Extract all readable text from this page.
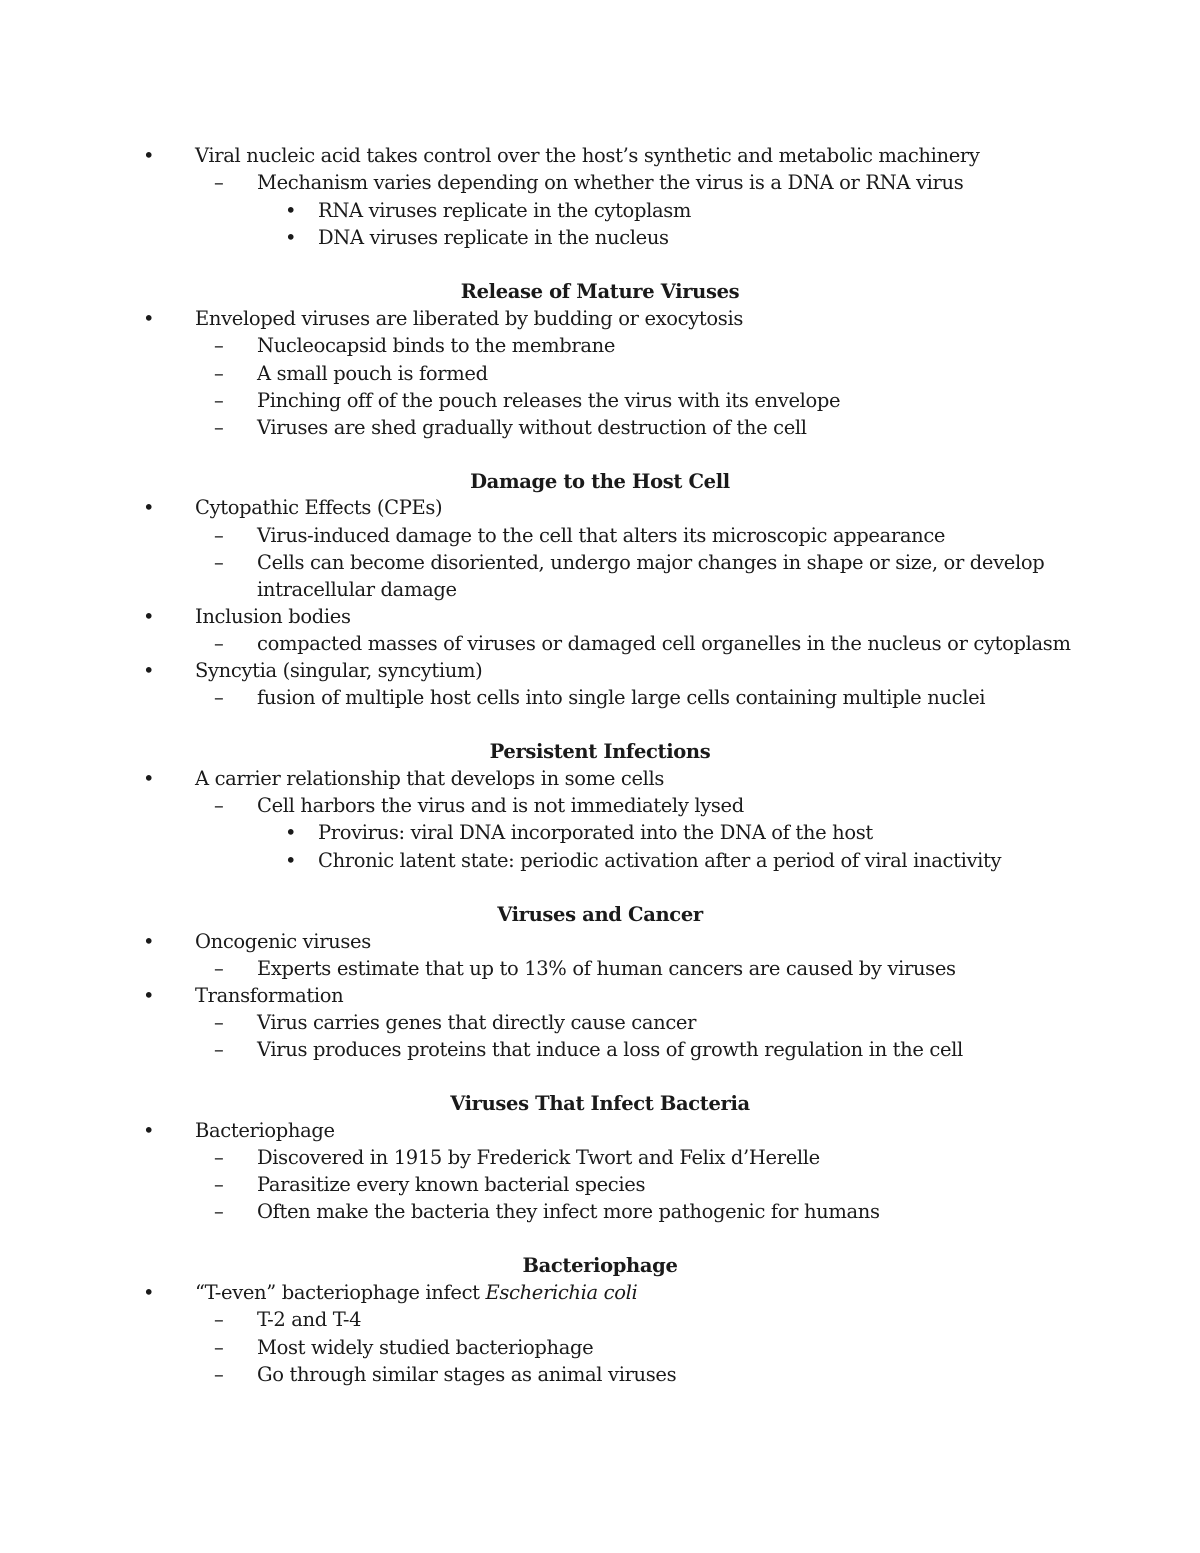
• Viral nucleic acid takes control over the host’s synthetic and metabolic machinery
– Mechanism varies depending on whether the virus is a DNA or RNA virus
• RNA viruses replicate in the cytoplasm
• DNA viruses replicate in the nucleus
Release of Mature Viruses
• Enveloped viruses are liberated by budding or exocytosis
– Nucleocapsid binds to the membrane
– A small pouch is formed
– Pinching off of the pouch releases the virus with its envelope
– Viruses are shed gradually without destruction of the cell
Damage to the Host Cell
• Cytopathic Effects (CPEs)
– Virus-induced damage to the cell that alters its microscopic appearance
– Cells can become disoriented, undergo major changes in shape or size, or develop
intracellular damage
• Inclusion bodies
– compacted masses of viruses or damaged cell organelles in the nucleus or cytoplasm
• Syncytia (singular, syncytium)
– fusion of multiple host cells into single large cells containing multiple nuclei
Persistent Infections
• A carrier relationship that develops in some cells
– Cell harbors the virus and is not immediately lysed
• Provirus: viral DNA incorporated into the DNA of the host
• Chronic latent state: periodic activation after a period of viral inactivity
Viruses and Cancer
• Oncogenic viruses
– Experts estimate that up to 13% of human cancers are caused by viruses
• Transformation
– Virus carries genes that directly cause cancer
– Virus produces proteins that induce a loss of growth regulation in the cell
Viruses That Infect Bacteria
• Bacteriophage
– Discovered in 1915 by Frederick Twort and Felix d’Herelle
– Parasitize every known bacterial species
– Often make the bacteria they infect more pathogenic for humans
Bacteriophage
• “T-even” bacteriophage infect Escherichia coli
– T-2 and T-4
– Most widely studied bacteriophage
– Go through similar stages as animal viruses
